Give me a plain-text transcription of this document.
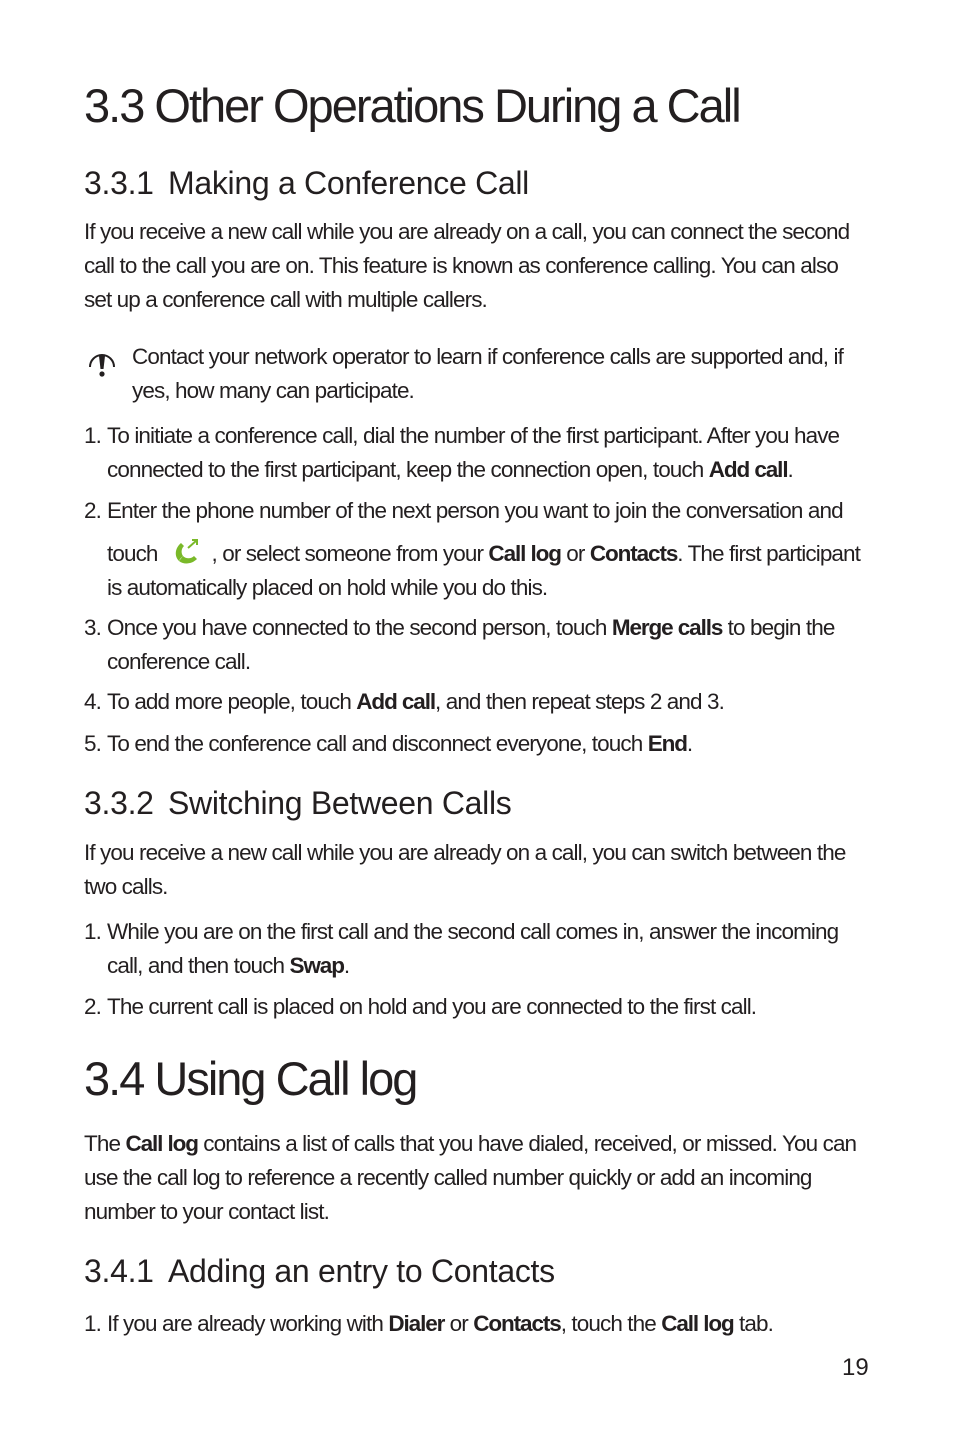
3.3 Other Operations During a Call
3.3.1 Making a Conference Call

If you receive a new call while you are already on a call, you can connect the second call to the call you are on. This feature is known as conference calling. You can also set up a conference call with multiple callers.

Contact your network operator to learn if conference calls are supported and, if yes, how many can participate.

1. To initiate a conference call, dial the number of the first participant. After you have connected to the first participant, keep the connection open, touch Add call.

2. Enter the phone number of the next person you want to join the conversation and
touch , or select someone from your Call log or Contacts. The first participant is automatically placed on hold while you do this.

3. Once you have connected to the second person, touch Merge calls to begin the conference call.

4. To add more people, touch Add call, and then repeat steps 2 and 3.

5. To end the conference call and disconnect everyone, touch End.

3.3.2 Switching Between Calls

If you receive a new call while you are already on a call, you can switch between the two calls.

1. While you are on the first call and the second call comes in, answer the incoming call, and then touch Swap.

2. The current call is placed on hold and you are connected to the first call.

3.4 Using Call log

The Call log contains a list of calls that you have dialed, received, or missed. You can use the call log to reference a recently called number quickly or add an incoming number to your contact list.

3.4.1 Adding an entry to Contacts
1. If you are already working with Dialer or Contacts, touch the Call log tab.

19
